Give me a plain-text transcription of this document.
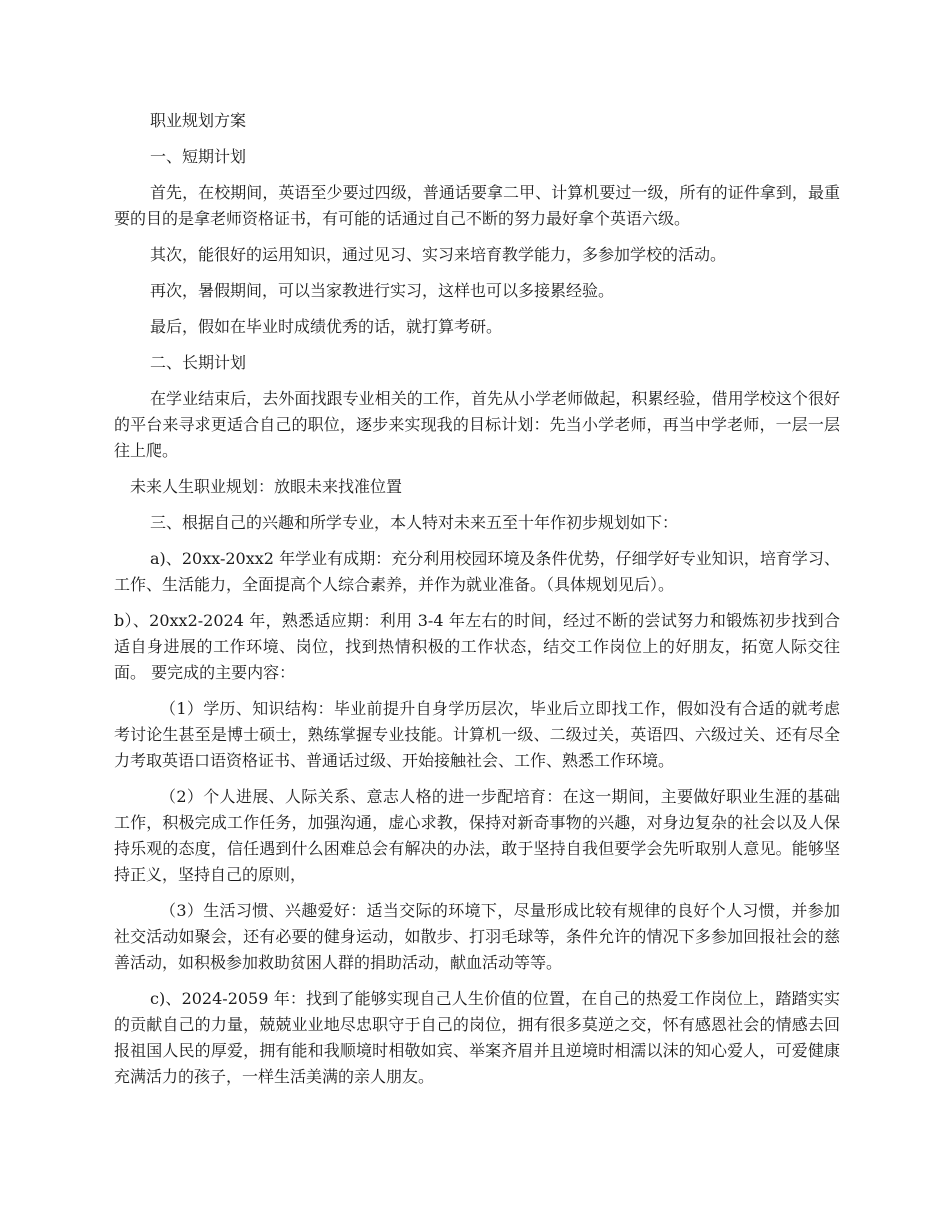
职业规划方案

一、短期计划

首先，在校期间，英语至少要过四级，普通话要拿二甲、计算机要过一级，所有的证件拿到，最重要的目的是拿老师资格证书，有可能的话通过自己不断的努力最好拿个英语六级。

其次，能很好的运用知识，通过见习、实习来培育教学能力，多参加学校的活动。

再次，暑假期间，可以当家教进行实习，这样也可以多接累经验。

最后，假如在毕业时成绩优秀的话，就打算考研。

二、长期计划

在学业结束后，去外面找跟专业相关的工作，首先从小学老师做起，积累经验，借用学校这个很好的平台来寻求更适合自己的职位，逐步来实现我的目标计划：先当小学老师，再当中学老师，一层一层往上爬。

未来人生职业规划：放眼未来找准位置

三、根据自己的兴趣和所学专业，本人特对未来五至十年作初步规划如下：

a)、20xx-20xx2 年学业有成期：充分利用校园环境及条件优势，仔细学好专业知识，培育学习、工作、生活能力，全面提高个人综合素养，并作为就业准备。（具体规划见后）。

b）、20xx2-2024 年，熟悉适应期：利用 3-4 年左右的时间，经过不断的尝试努力和锻炼初步找到合适自身进展的工作环境、岗位，找到热情积极的工作状态，结交工作岗位上的好朋友，拓宽人际交往面。 要完成的主要内容：

（1）学历、知识结构：毕业前提升自身学历层次，毕业后立即找工作，假如没有合适的就考虑考讨论生甚至是博士硕士，熟练掌握专业技能。计算机一级、二级过关，英语四、六级过关、还有尽全力考取英语口语资格证书、普通话过级、开始接触社会、工作、熟悉工作环境。

（2）个人进展、人际关系、意志人格的进一步配培育：在这一期间，主要做好职业生涯的基础工作，积极完成工作任务，加强沟通，虚心求教，保持对新奇事物的兴趣，对身边复杂的社会以及人保持乐观的态度，信任遇到什么困难总会有解决的办法，敢于坚持自我但要学会先听取别人意见。能够坚持正义，坚持自己的原则，

（3）生活习惯、兴趣爱好：适当交际的环境下，尽量形成比较有规律的良好个人习惯，并参加社交活动如聚会，还有必要的健身运动，如散步、打羽毛球等，条件允许的情况下多参加回报社会的慈善活动，如积极参加救助贫困人群的捐助活动，献血活动等等。

c)、2024-2059 年：找到了能够实现自己人生价值的位置，在自己的热爱工作岗位上，踏踏实实的贡献自己的力量，兢兢业业地尽忠职守于自己的岗位，拥有很多莫逆之交，怀有感恩社会的情感去回报祖国人民的厚爱，拥有能和我顺境时相敬如宾、举案齐眉并且逆境时相濡以沫的知心爱人，可爱健康充满活力的孩子，一样生活美满的亲人朋友。
